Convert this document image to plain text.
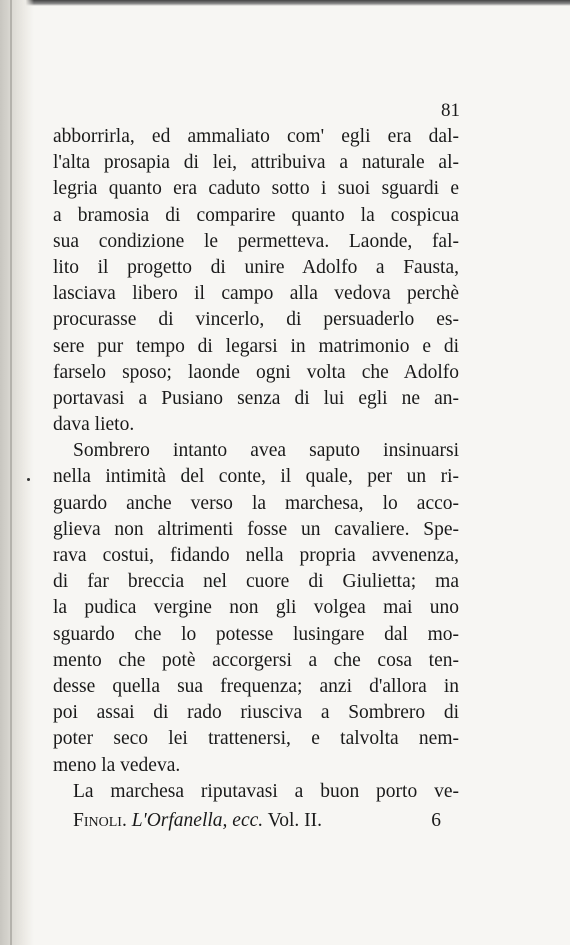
81
abborrirla, ed ammaliato com' egli era dal-
l'alta prosapia di lei, attribuiva a naturale al-
legria quanto era caduto sotto i suoi sguardi e
a bramosia di comparire quanto la cospicua
sua condizione le permetteva. Laonde, fal-
lito il progetto di unire Adolfo a Fausta,
lasciava libero il campo alla vedova perchè
procurasse di vincerlo, di persuaderlo es-
sere pur tempo di legarsi in matrimonio e di
farselo sposo; laonde ogni volta che Adolfo
portavasi a Pusiano senza di lui egli ne an-
dava lieto.
Sombrero intanto avea saputo insinuarsi
nella intimità del conte, il quale, per un ri-
guardo anche verso la marchesa, lo acco-
glieva non altrimenti fosse un cavaliere. Spe-
rava costui, fidando nella propria avvenenza,
di far breccia nel cuore di Giulietta; ma
la pudica vergine non gli volgea mai uno
sguardo che lo potesse lusingare dal mo-
mento che potè accorgersi a che cosa ten-
desse quella sua frequenza; anzi d'allora in
poi assai di rado riusciva a Sombrero di
poter seco lei trattenersi, e talvolta nem-
meno la vedeva.
La marchesa riputavasi a buon porto ve-
Finoli. L'Orfanella, ecc. Vol. II.	6
